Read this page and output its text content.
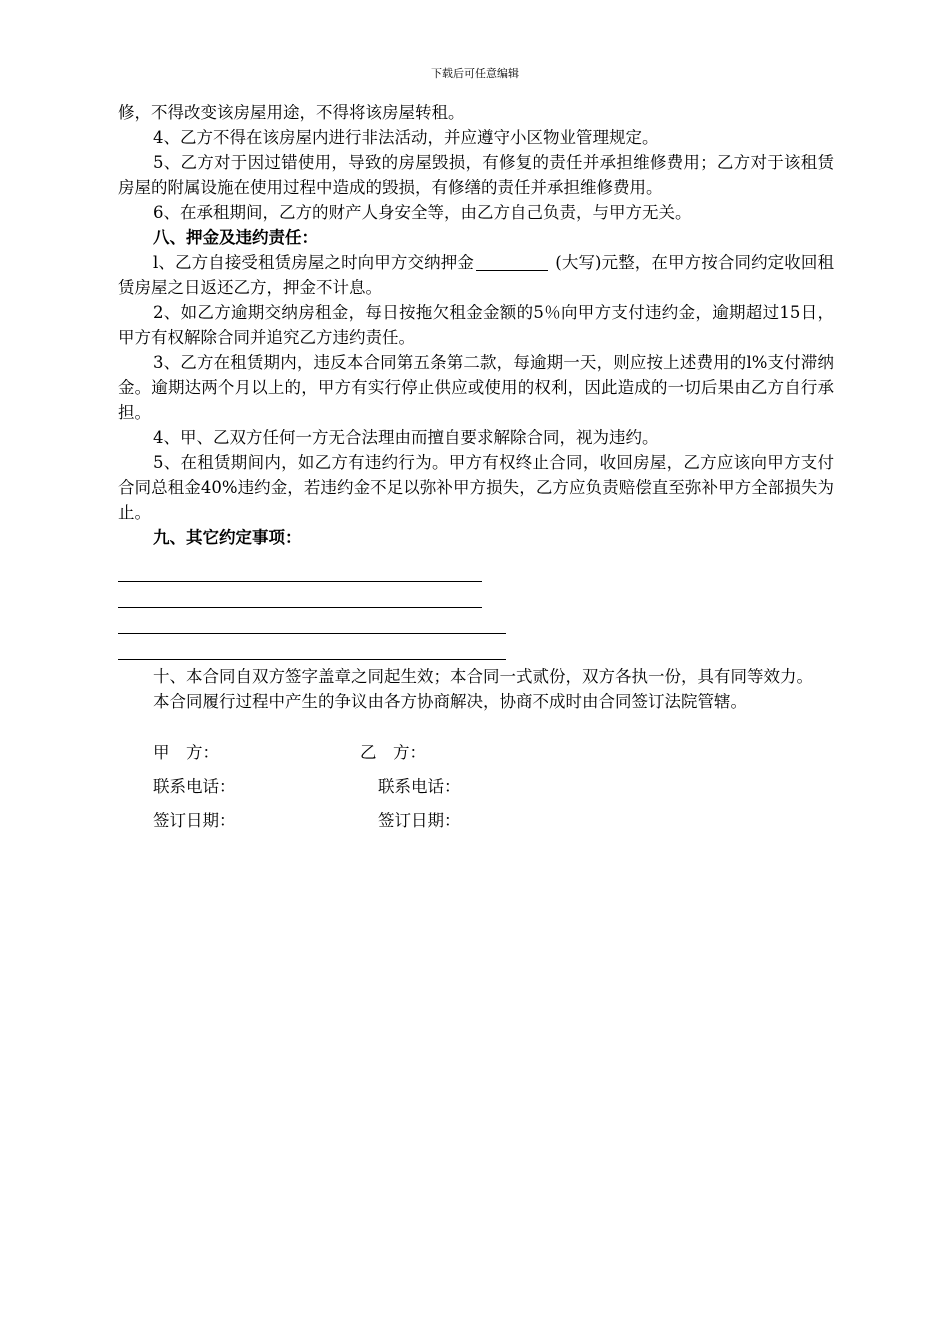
下载后可任意编辑

修，不得改变该房屋用途，不得将该房屋转租。

4、乙方不得在该房屋内进行非法活动，并应遵守小区物业管理规定。

5、乙方对于因过错使用，导致的房屋毁损，有修复的责任并承担维修费用；乙方对于该租赁房屋的附属设施在使用过程中造成的毁损，有修缮的责任并承担维修费用。

6、在承租期间，乙方的财产人身安全等，由乙方自己负责，与甲方无关。

八、押金及违约责任：

l、乙方自接受租赁房屋之时向甲方交纳押金	(大写)元整，在甲方按合同约定收回租赁房屋之日返还乙方，押金不计息。

2、如乙方逾期交纳房租金，每日按拖欠租金金额的5％向甲方支付违约金，逾期超过15日，甲方有权解除合同并追究乙方违约责任。

3、乙方在租赁期内，违反本合同第五条第二款，每逾期一天，则应按上述费用的l%支付滞纳金。逾期达两个月以上的，甲方有实行停止供应或使用的权利，因此造成的一切后果由乙方自行承担。

4、甲、乙双方任何一方无合法理由而擅自要求解除合同，视为违约。

5、在租赁期间内，如乙方有违约行为。甲方有权终止合同，收回房屋，乙方应该向甲方支付合同总租金40%违约金，若违约金不足以弥补甲方损失，乙方应负责赔偿直至弥补甲方全部损失为止。

九、其它约定事项：

十、本合同自双方签字盖章之同起生效；本合同一式贰份，双方各执一份，具有同等效力。

本合同履行过程中产生的争议由各方协商解决，协商不成时由合同签订法院管辖。

甲　方：	乙　方：
联系电话：	联系电话：
签订日期：	签订日期：
